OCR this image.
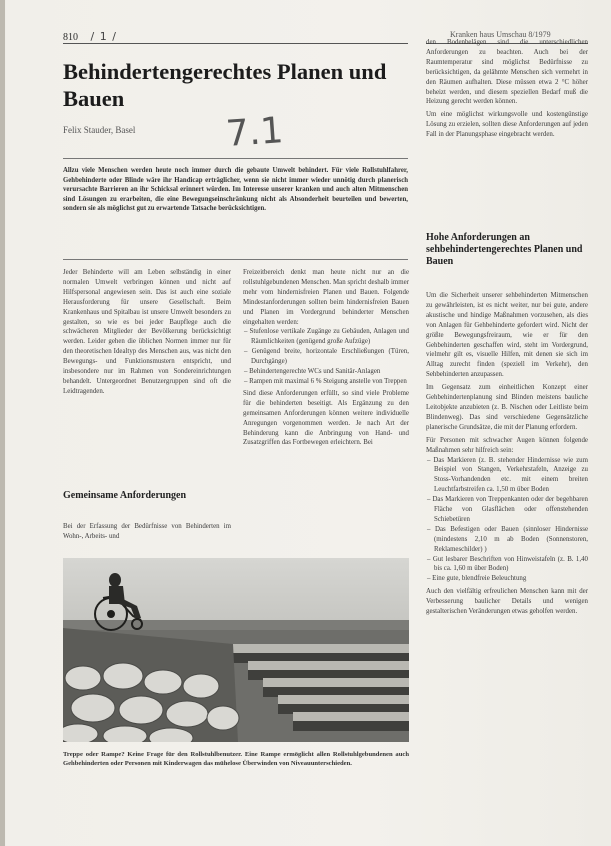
810 / 1 /	Kranken haus Umschau 8/1979
Behindertengerechtes Planen und Bauen
Felix Stauder, Basel 7.1
Allzu viele Menschen werden heute noch immer durch die gebaute Umwelt behindert. Für viele Rollstuhlfahrer, Gehbehinderte oder Blinde wäre ihr Handicap erträglicher, wenn sie nicht immer wieder unnötig durch planerisch verursachte Barrieren an ihr Schicksal erinnert würden. Im Interesse unserer kranken und auch alten Mitmenschen sind Lösungen zu erarbeiten, die eine Bewegungseinschränkung nicht als Absonderheit beurteilen und bewerten, sondern sie als möglichst gut zu erwartende Tatsache berücksichtigen.

Jeder Behinderte will am Leben selbständig in einer normalen Umwelt verbringen können und nicht auf Hilfspersonal angewiesen sein. Das ist auch eine soziale Herausforderung für unsere Gesellschaft. Beim Krankenhaus und Spitalbau ist unsere Umwelt besonders zu gestalten, so wie es bei jeder Baupflege auch die schwächeren Mitglieder der Bevölkerung berücksichtigt werden. Leider gehen die üblichen Normen immer nur für den theoretischen Idealtyp des Menschen aus, was nicht den Bewegungs- und Funktionsmustern entspricht, und insbesondere nur im Rahmen von Sondereinrichtungen behandelt. Untergeordnet Benutzergruppen sind oft die Leidtragenden.

Gemeinsame Anforderungen

Bei der Erfassung der Bedürfnisse von Behinderten im Wohn-, Arbeits- und

Freizeitbereich denkt man heute nicht nur an die rollstuhlgebundenen Menschen. Man spricht deshalb immer mehr vom hindernisfreien Planen und Bauen. Folgende Mindestanforderungen sollten beim hindernisfreien Bauen und Planen im Vordergrund behinderter Menschen eingehalten werden:

– Stufenlose vertikale Zugänge zu Gebäuden, Anlagen und Räumlichkeiten (genügend große Aufzüge)
– Genügend breite, horizontale Erschließungen (Türen, Durchgänge)
– Behindertengerechte WCs und Sanitär-Anlagen
– Rampen mit maximal 6 % Steigung anstelle von Treppen

Sind diese Anforderungen erfüllt, so sind viele Probleme für die behinderten beseitigt. Als Ergänzung zu den gemeinsamen Anforderungen können weitere individuelle Anregungen vorgenommen werden. Je nach Art der Behinderung kann die Anbringung von Hand- und Zusatzgriffen das Fortbewegen erleichtern. Bei

den Bodenbelägen sind die unterschiedlichen Anforderungen zu beachten. Auch bei der Raumtemperatur sind möglichst Bedürfnisse zu berücksichtigen, da gelähmte Menschen sich vermehrt in den Räumen aufhalten. Diese müssen etwa 2 °C höher beheizt werden, und diesem speziellen Bedarf muß die Heizung gerecht werden können.

Um eine möglichst wirkungsvolle und kostengünstige Lösung zu erzielen, sollten diese Anforderungen auf jeden Fall in der Planungsphase eingebracht werden.

Hohe Anforderungen an sehbehindertengerechtes Planen und Bauen

Um die Sicherheit unserer sehbehinderten Mitmenschen zu gewährleisten, ist es nicht weiter, nur bei gute, andere akustische und hindige Maßnahmen vorzusehen, als dies von Anlagen für Gehbehinderte gefordert wird. Nicht der größte Bewegungsfreiraum, wie er für den Gehbehinderten geschaffen wird, steht im Vordergrund, vielmehr gilt es, visuelle Hilfen, mit denen sie sich im Alltag zurecht finden (speziell im Verkehr), den Sehbehinderten anzupassen.

Im Gegensatz zum einheitlichen Konzept einer Gehbehindertenplanung sind Blinden meistens bauliche Leitobjekte anzubieten (z. B. Nischen oder Leitliste beim Blindenweg). Das sind verschiedene Gegensätzliche planerische Grundsätze, die mit der Planung erfordern.

Für Personen mit schwacher Augen können folgende Maßnahmen sehr hilfreich sein:

– Das Markieren (z. B. stehender Hindernisse wie zum Beispiel von Stangen, Verkehrstafeln, Anzeige zu Stoss-Vorhandenden etc. mit einem breiten Leuchtfarbstreifen ca. 1,50 m über Boden
– Das Markieren von Treppenkanten oder der begehbaren Fläche von Glasflächen oder offenstehenden Schiebetüren
– Das Befestigen oder Bauen (sinnloser Hindernisse (mindestens 2,10 m ab Boden (Sonnenstoren, Reklameschilder) )
– Gut lesbarer Beschriften von Hinweistafeln (z. B. 1,40 bis ca. 1,60 m über Boden)
– Eine gute, blendfreie Beleuchtung

Auch den vielfältig erfreulichen Menschen kann mit der Verbesserung baulicher Details und wenigen gestalterischen Veränderungen etwas geholfen werden.

Treppe oder Rampe? Keine Frage für den Rollstuhlbenutzer. Eine Rampe ermöglicht allen Rollstuhlgebundenen auch Gehbehinderten oder Personen mit Kinderwagen das mühelose Überwinden von Niveauunterschieden.
